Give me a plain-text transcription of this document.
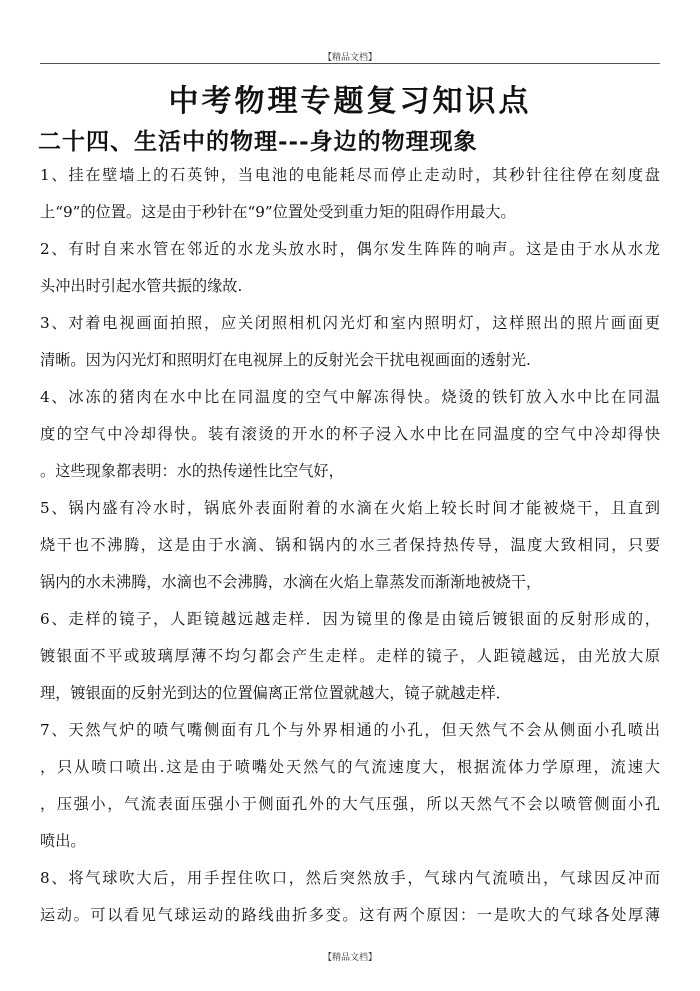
【精品文档】
中考物理专题复习知识点
二十四、生活中的物理---身边的物理现象
1、挂在壁墙上的石英钟，当电池的电能耗尽而停止走动时，其秒针往往停在刻度盘
上“9”的位置。这是由于秒针在“9”位置处受到重力矩的阻碍作用最大。
2、有时自来水管在邻近的水龙头放水时，偶尔发生阵阵的响声。这是由于水从水龙
头冲出时引起水管共振的缘故.
3、对着电视画面拍照，应关闭照相机闪光灯和室内照明灯，这样照出的照片画面更
清晰。因为闪光灯和照明灯在电视屏上的反射光会干扰电视画面的透射光.
4、冰冻的猪肉在水中比在同温度的空气中解冻得快。烧烫的铁钉放入水中比在同温
度的空气中冷却得快。装有滚烫的开水的杯子浸入水中比在同温度的空气中冷却得快
。这些现象都表明：水的热传递性比空气好，
5、锅内盛有冷水时，锅底外表面附着的水滴在火焰上较长时间才能被烧干，且直到
烧干也不沸腾，这是由于水滴、锅和锅内的水三者保持热传导，温度大致相同，只要
锅内的水未沸腾，水滴也不会沸腾，水滴在火焰上靠蒸发而渐渐地被烧干，
6、走样的镜子，人距镜越远越走样．因为镜里的像是由镜后镀银面的反射形成的，
镀银面不平或玻璃厚薄不均匀都会产生走样。走样的镜子，人距镜越远，由光放大原
理，镀银面的反射光到达的位置偏离正常位置就越大，镜子就越走样．
7、天然气炉的喷气嘴侧面有几个与外界相通的小孔，但天然气不会从侧面小孔喷出
，只从喷口喷出.这是由于喷嘴处天然气的气流速度大，根据流体力学原理，流速大
，压强小，气流表面压强小于侧面孔外的大气压强，所以天然气不会以喷管侧面小孔
喷出。
8、将气球吹大后，用手捏住吹口，然后突然放手，气球内气流喷出，气球因反冲而
运动。可以看见气球运动的路线曲折多变。这有两个原因：一是吹大的气球各处厚薄
【精品文档】
